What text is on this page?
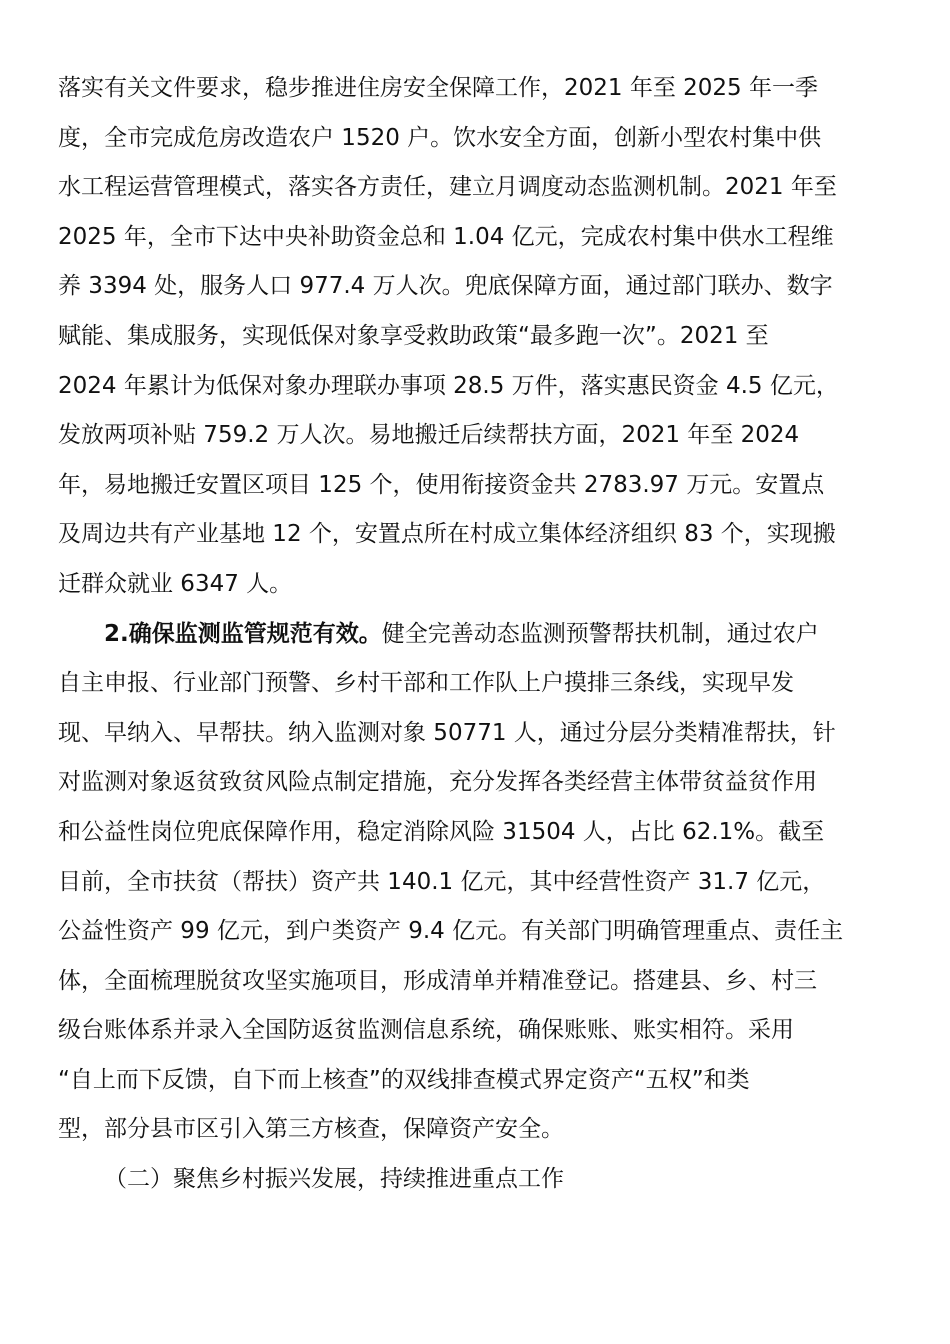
落实有关文件要求，稳步推进住房安全保障工作，2021 年至 2025 年一季
度，全市完成危房改造农户 1520 户。饮水安全方面，创新小型农村集中供
水工程运营管理模式，落实各方责任，建立月调度动态监测机制。2021 年至
2025 年，全市下达中央补助资金总和 1.04 亿元，完成农村集中供水工程维
养 3394 处，服务人口 977.4 万人次。兜底保障方面，通过部门联办、数字
赋能、集成服务，实现低保对象享受救助政策“最多跑一次”。2021 至
2024 年累计为低保对象办理联办事项 28.5 万件，落实惠民资金 4.5 亿元，
发放两项补贴 759.2 万人次。易地搬迁后续帮扶方面，2021 年至 2024
年，易地搬迁安置区项目 125 个，使用衔接资金共 2783.97 万元。安置点
及周边共有产业基地 12 个，安置点所在村成立集体经济组织 83 个，实现搬
迁群众就业 6347 人。
2.确保监测监管规范有效。健全完善动态监测预警帮扶机制，通过农户
自主申报、行业部门预警、乡村干部和工作队上户摸排三条线，实现早发
现、早纳入、早帮扶。纳入监测对象 50771 人，通过分层分类精准帮扶，针
对监测对象返贫致贫风险点制定措施，充分发挥各类经营主体带贫益贫作用
和公益性岗位兜底保障作用，稳定消除风险 31504 人，占比 62.1%。截至
目前，全市扶贫（帮扶）资产共 140.1 亿元，其中经营性资产 31.7 亿元，
公益性资产 99 亿元，到户类资产 9.4 亿元。有关部门明确管理重点、责任主
体，全面梳理脱贫攻坚实施项目，形成清单并精准登记。搭建县、乡、村三
级台账体系并录入全国防返贫监测信息系统，确保账账、账实相符。采用
“自上而下反馈，自下而上核查”的双线排查模式界定资产“五权”和类
型，部分县市区引入第三方核查，保障资产安全。
（二）聚焦乡村振兴发展，持续推进重点工作
